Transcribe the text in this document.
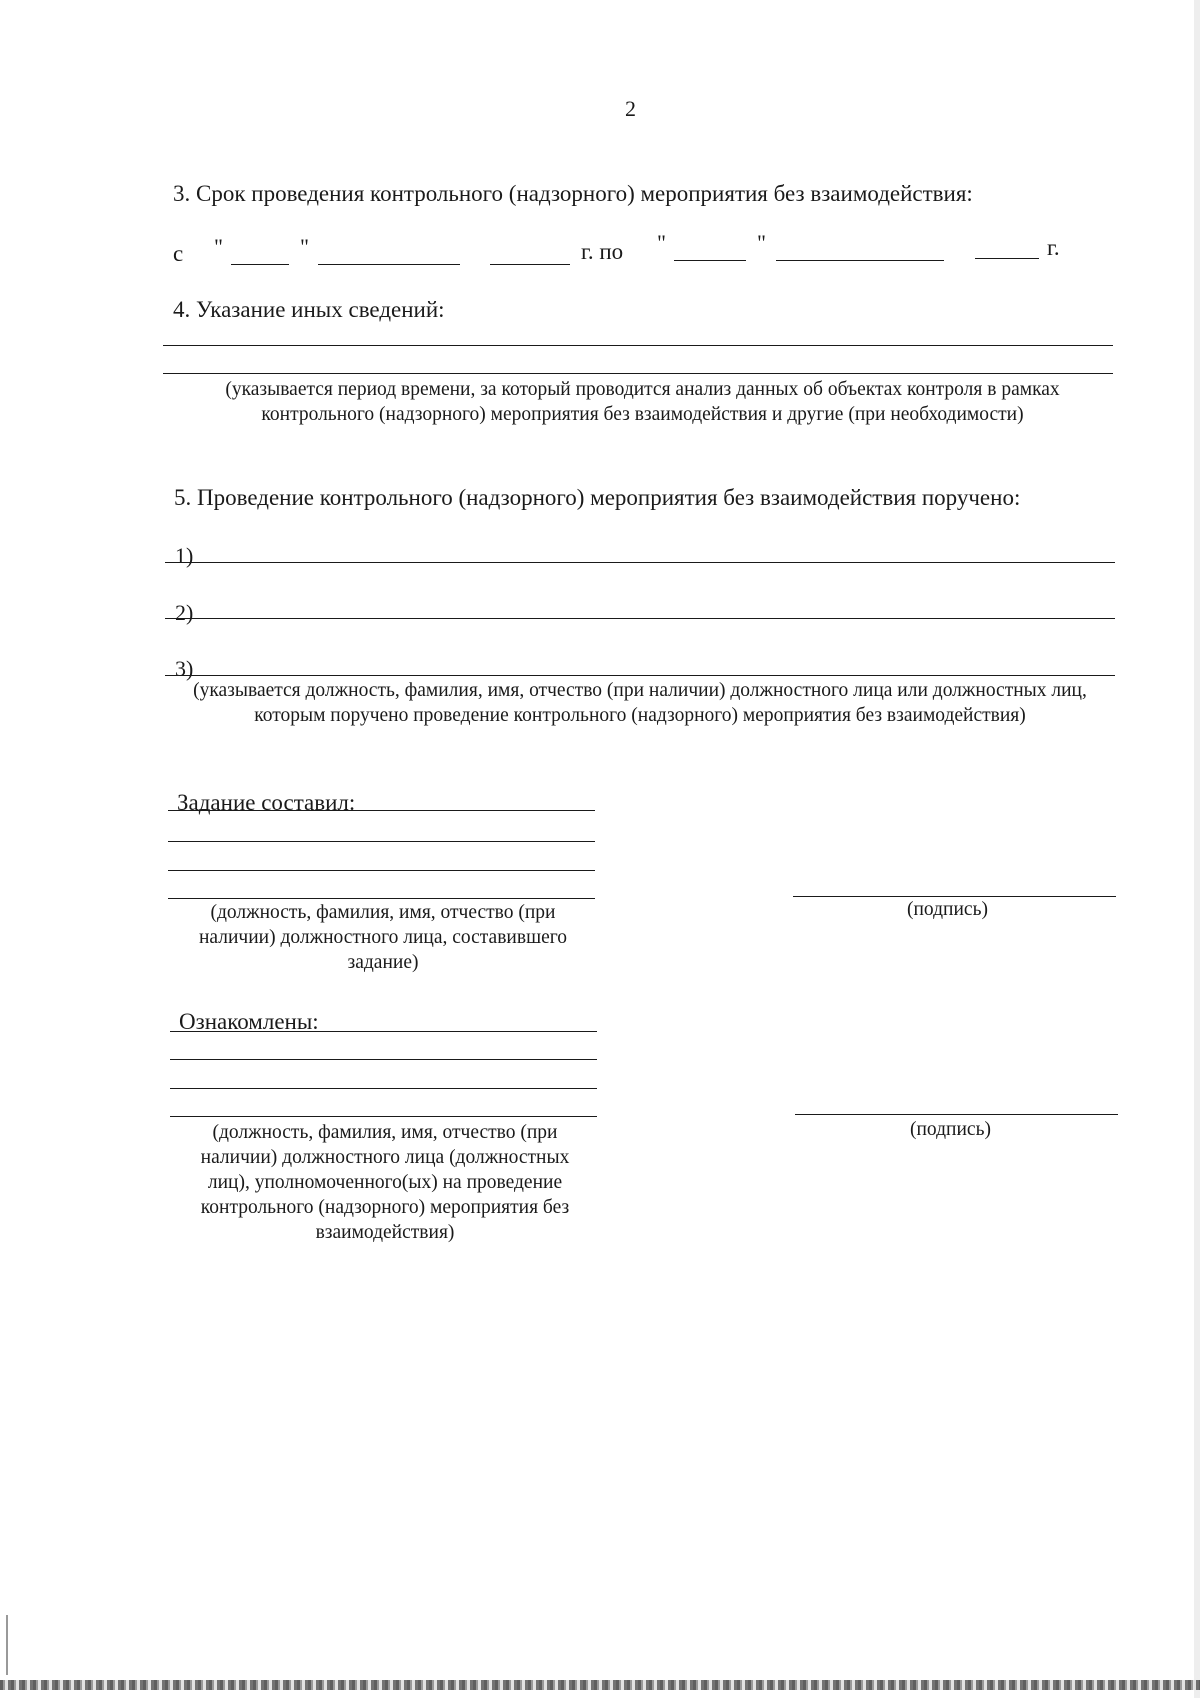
2
3. Срок проведения контрольного (надзорного) мероприятия без взаимодействия:
с "	"	г. по "	"	г.
4. Указание иных сведений:
(указывается период времени, за который проводится анализ данных об объектах контроля в рамках контрольного (надзорного) мероприятия без взаимодействия и другие (при необходимости)
5. Проведение контрольного (надзорного) мероприятия без взаимодействия поручено:
1)
2)
3)
(указывается должность, фамилия, имя, отчество (при наличии) должностного лица или должностных лиц, которым поручено проведение контрольного (надзорного) мероприятия без взаимодействия)
Задание составил:
(должность, фамилия, имя, отчество (при наличии) должностного лица, составившего задание)
(подпись)
Ознакомлены:
(должность, фамилия, имя, отчество (при наличии) должностного лица (должностных лиц), уполномоченного(ых) на проведение контрольного (надзорного) мероприятия без взаимодействия)
(подпись)
